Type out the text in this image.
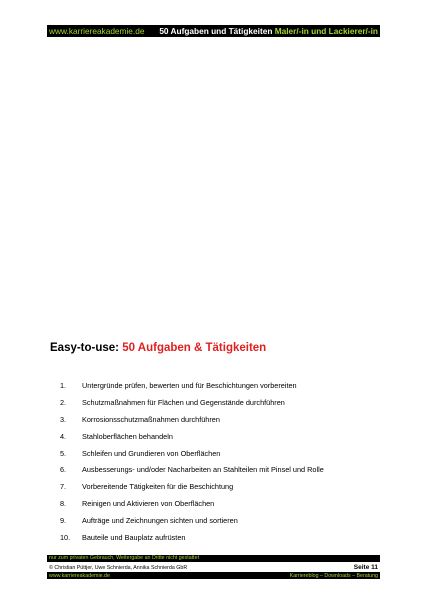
www.karriereakademie.de 50 Aufgaben und Tätigkeiten Maler/-in und Lackierer/-in
Easy-to-use: 50 Aufgaben & Tätigkeiten
1.	Untergründe prüfen, bewerten und für Beschichtungen vorbereiten
2.	Schutzmaßnahmen für Flächen und Gegenstände durchführen
3.	Korrosionsschutzmaßnahmen durchführen
4.	Stahloberflächen behandeln
5.	Schleifen und Grundieren von Oberflächen
6.	Ausbesserungs- und/oder Nacharbeiten an Stahlteilen mit Pinsel und Rolle
7.	Vorbereitende Tätigkeiten für die Beschichtung
8.	Reinigen und Aktivieren von Oberflächen
9.	Aufträge und Zeichnungen sichten und sortieren
10.	Bauteile und Bauplatz aufrüsten
nur zum privaten Gebrauch, Weitergabe an Dritte nicht gestattet
© Christian Püttjer, Uwe Schnierda, Annika Schnierda GbR	Seite 11
www.karriereakademie.de	Karriereblog – Downloads – Beratung
